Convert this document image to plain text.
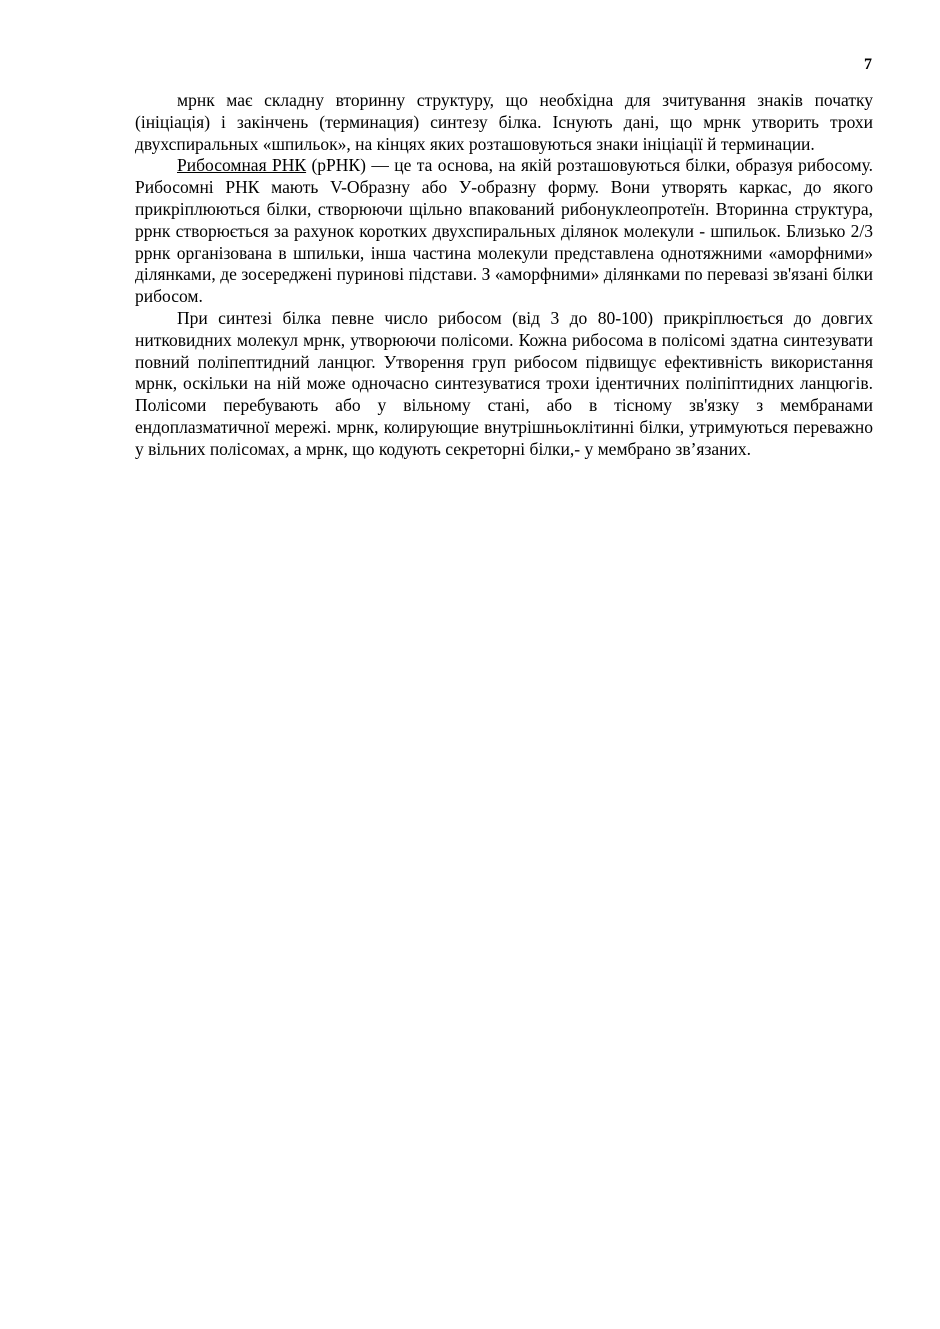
7

мрнк має складну вторинну структуру, що необхідна для зчитування знаків початку (ініціація) і закінчень (терминация) синтезу білка. Існують дані, що мрнк утворить трохи двухспиральных «шпильок», на кінцях яких розташовуються знаки ініціації й терминации.

Рибосомная РНК (рРНК) — це та основа, на якій розташовуються білки, образуя рибосому. Рибосомні РНК мають V-Образну або У-образну форму. Вони утворять каркас, до якого прикріплюються білки, створюючи щільно впакований рибонуклеопротеїн. Вторинна структура, ррнк створюється за рахунок коротких двухспиральных ділянок молекули - шпильок. Близько 2/3 ррнк організована в шпильки, інша частина молекули представлена однотяжними «аморфними» ділянками, де зосереджені пуринові підстави. З «аморфними» ділянками по перевазі зв'язані білки рибосом.

При синтезі білка певне число рибосом (від 3 до 80-100) прикріплюється до довгих нитковидних молекул мрнк, утворюючи полісоми. Кожна рибосома в полісомі здатна синтезувати повний поліпептидний ланцюг. Утворення груп рибосом підвищує ефективність використання мрнк, оскільки на ній може одночасно синтезуватися трохи ідентичних поліпіптидних ланцюгів. Полісоми перебувають або у вільному стані, або в тісному зв'язку з мембранами ендоплазматичної мережі. мрнк, колирующие внутрішньоклітинні білки, утримуються переважно у вільних полісомах, а мрнк, що кодують секреторні білки,- у мембрано зв’язаних.
